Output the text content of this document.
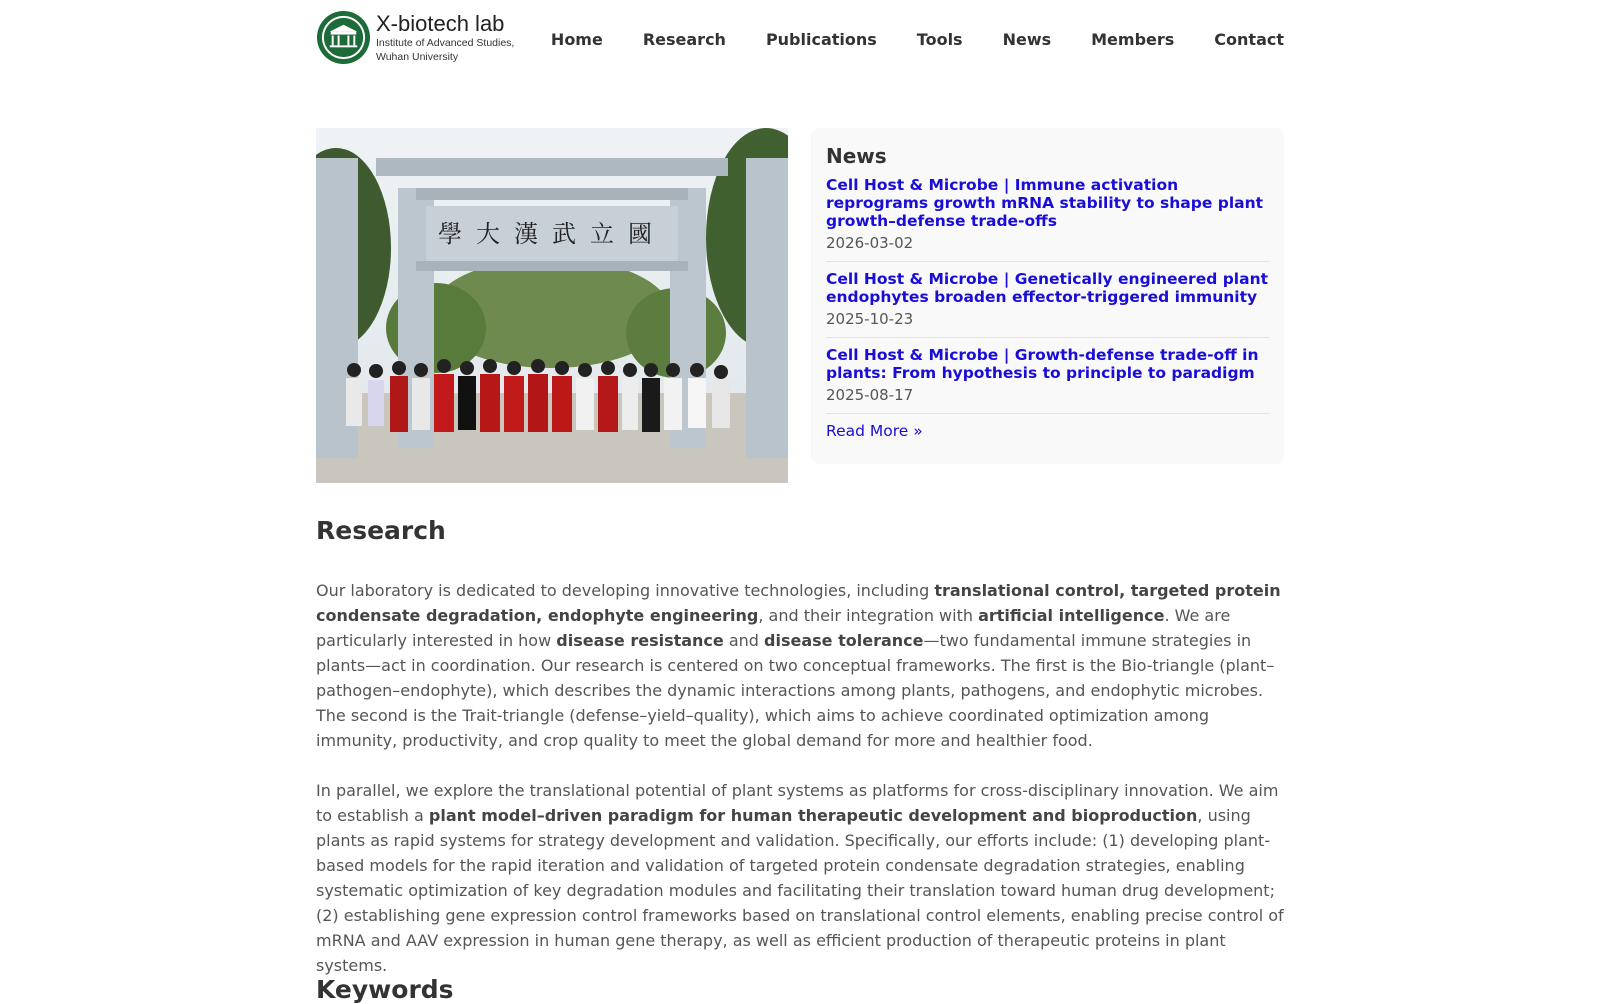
X-biotech lab
Institute of Advanced Studies,
Wuhan University
Home	Research	Publications	Tools	News	Members	Contact
學大漢武立國
News
Cell Host & Microbe | Immune activation reprograms growth mRNA stability to shape plant growth–defense trade-offs
2026-03-02
Cell Host & Microbe | Genetically engineered plant endophytes broaden effector-triggered immunity
2025-10-23
Cell Host & Microbe | Growth-defense trade-off in plants: From hypothesis to principle to paradigm
2025-08-17
Read More »
Research

Our laboratory is dedicated to developing innovative technologies, including translational control, targeted protein condensate degradation, endophyte engineering, and their integration with artificial intelligence. We are particularly interested in how disease resistance and disease tolerance—two fundamental immune strategies in plants—act in coordination. Our research is centered on two conceptual frameworks. The first is the Bio-triangle (plant–pathogen–endophyte), which describes the dynamic interactions among plants, pathogens, and endophytic microbes. The second is the Trait-triangle (defense–yield–quality), which aims to achieve coordinated optimization among immunity, productivity, and crop quality to meet the global demand for more and healthier food.

In parallel, we explore the translational potential of plant systems as platforms for cross-disciplinary innovation. We aim to establish a plant model–driven paradigm for human therapeutic development and bioproduction, using plants as rapid systems for strategy development and validation. Specifically, our efforts include: (1) developing plant-based models for the rapid iteration and validation of targeted protein condensate degradation strategies, enabling systematic optimization of key degradation modules and facilitating their translation toward human drug development; (2) establishing gene expression control frameworks based on translational control elements, enabling precise control of mRNA and AAV expression in human gene therapy, as well as efficient production of therapeutic proteins in plant systems.

Keywords
